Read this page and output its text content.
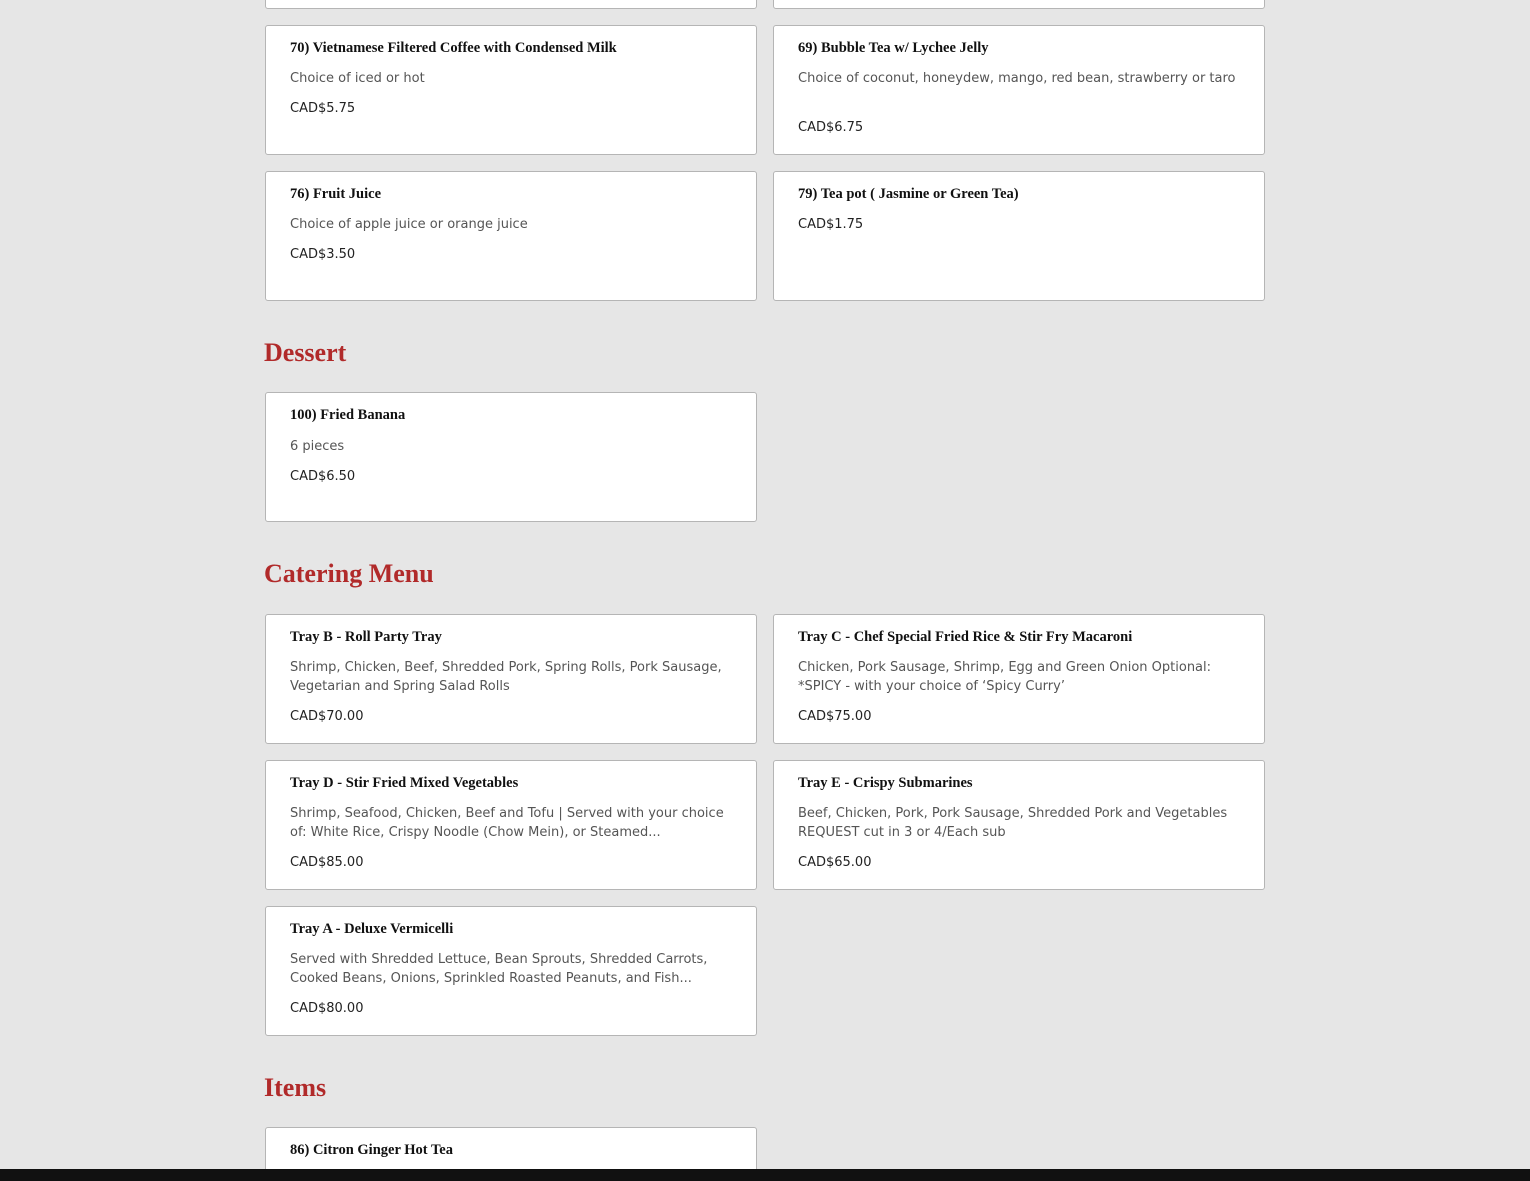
70) Vietnamese Filtered Coffee with Condensed Milk
Choice of iced or hot
CAD$5.75
69) Bubble Tea w/ Lychee Jelly
Choice of coconut, honeydew, mango, red bean, strawberry or taro
CAD$6.75
76) Fruit Juice
Choice of apple juice or orange juice
CAD$3.50
79) Tea pot ( Jasmine or Green Tea)
CAD$1.75
Dessert
100) Fried Banana
6 pieces
CAD$6.50
Catering Menu
Tray B - Roll Party Tray
Shrimp, Chicken, Beef, Shredded Pork, Spring Rolls, Pork Sausage, Vegetarian and Spring Salad Rolls
CAD$70.00
Tray C - Chef Special Fried Rice & Stir Fry Macaroni
Chicken, Pork Sausage, Shrimp, Egg and Green Onion Optional: *SPICY - with your choice of ‘Spicy Curry’
CAD$75.00
Tray D - Stir Fried Mixed Vegetables
Shrimp, Seafood, Chicken, Beef and Tofu | Served with your choice of: White Rice, Crispy Noodle (Chow Mein), or Steamed...
CAD$85.00
Tray E - Crispy Submarines
Beef, Chicken, Pork, Pork Sausage, Shredded Pork and Vegetables REQUEST cut in 3 or 4/Each sub
CAD$65.00
Tray A - Deluxe Vermicelli
Served with Shredded Lettuce, Bean Sprouts, Shredded Carrots, Cooked Beans, Onions, Sprinkled Roasted Peanuts, and Fish...
CAD$80.00
Items
86) Citron Ginger Hot Tea
